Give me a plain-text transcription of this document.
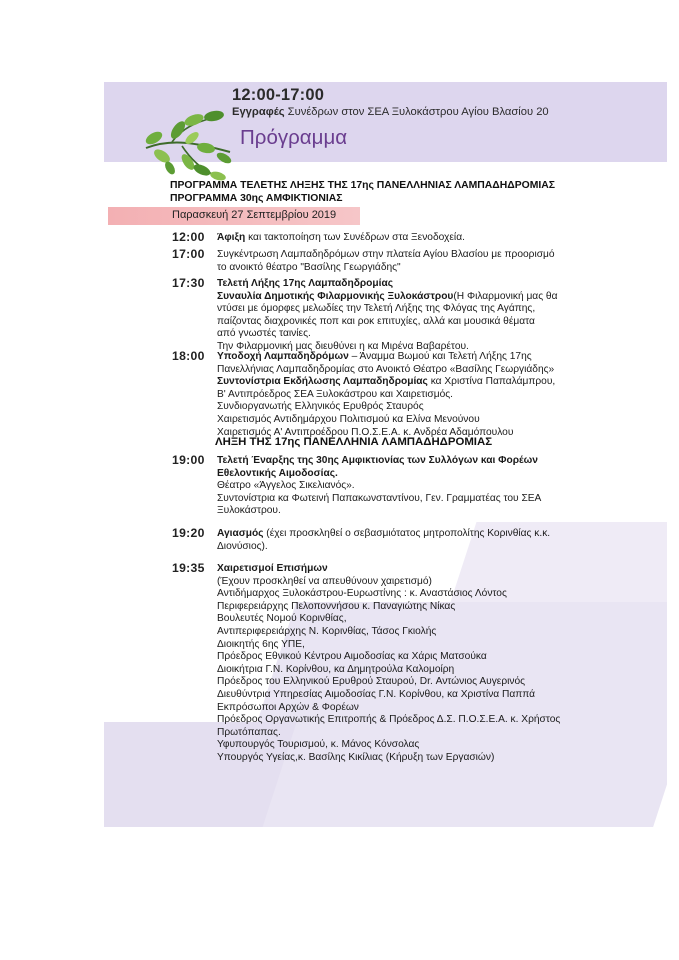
12:00-17:00
Εγγραφές Συνέδρων στον ΣΕΑ Ξυλοκάστρου Αγίου Βλασίου 20
Πρόγραμμα
ΠΡΟΓΡΑΜΜΑ ΤΕΛΕΤΗΣ ΛΗΞΗΣ ΤΗΣ 17ης ΠΑΝΕΛΛΗΝΙΑΣ ΛΑΜΠΑΔΗΔΡΟΜΙΑΣ
ΠΡΟΓΡΑΜΜΑ 30ης ΑΜΦΙΚΤΙΟΝΙΑΣ
Παρασκευή 27 Σεπτεμβρίου 2019
12:00 Άφιξη και τακτοποίηση των Συνέδρων στα Ξενοδοχεία.
17:00 Συγκέντρωση Λαμπαδηδρόμων στην πλατεία Αγίου Βλασίου με προορισμό
το ανοικτό θέατρο "Βασίλης Γεωργιάδης"
17:30 Τελετή Λήξης 17ης Λαμπαδηδρομίας
Συναυλία Δημοτικής Φιλαρμονικής Ξυλοκάστρου(Η Φιλαρμονική μας θα
ντύσει με όμορφες μελωδίες την Τελετή Λήξης της Φλόγας της Αγάπης,
παίζοντας διαχρονικές ποπ και ροκ επιτυχίες, αλλά και μουσικά θέματα
από γνωστές ταινίες.
Την Φιλαρμονική μας διευθύνει η κα Μιρένα Βαβαρέτου.
18:00 Υποδοχή Λαμπαδηδρόμων – Άναμμα Βωμού και Τελετή Λήξης 17ης
Πανελλήνιας Λαμπαδηδρομίας στο Ανοικτό Θέατρο «Βασίλης Γεωργιάδης»
Συντονίστρια Εκδήλωσης Λαμπαδηδρομίας κα Χριστίνα Παπαλάμπρου,
Β' Αντιπρόεδρος ΣΕΑ Ξυλοκάστρου και Χαιρετισμός.
Συνδιοργανωτής Ελληνικός Ερυθρός Σταυρός
Χαιρετισμός Αντιδημάρχου Πολιτισμού κα Ελίνα Μενούνου
Χαιρετισμός Α' Αντιπροέδρου Π.Ο.Σ.Ε.Α. κ. Ανδρέα Αδαμόπουλου
ΛΗΞΗ ΤΗΣ 17ης ΠΑΝΕΛΛΗΝΙΑ ΛΑΜΠΑΔΗΔΡΟΜΙΑΣ
19:00 Τελετή Έναρξης της 30ης Αμφικτιονίας των Συλλόγων και Φορέων
Εθελοντικής Αιμοδοσίας.
Θέατρο «Άγγελος Σικελιανός».
Συντονίστρια κα Φωτεινή Παπακωνσταντίνου, Γεν. Γραμματέας του ΣΕΑ
Ξυλοκάστρου.
19:20 Αγιασμός (έχει προσκληθεί ο σεβασμιότατος μητροπολίτης Κορινθίας κ.κ.
Διονύσιος).
19:35 Χαιρετισμοί Επισήμων
(Έχουν προσκληθεί να απευθύνουν χαιρετισμό)
Αντιδήμαρχος Ξυλοκάστρου-Ευρωστίνης : κ. Αναστάσιος Λόντος
Περιφερειάρχης Πελοποννήσου κ. Παναγιώτης Νίκας
Βουλευτές Νομού Κορινθίας,
Αντιπεριφερειάρχης Ν. Κορινθίας, Τάσος Γκιολής
Διοικητής 6ης ΥΠΕ,
Πρόεδρος Εθνικού Κέντρου Αιμοδοσίας κα Χάρις Ματσούκα
Διοικήτρια Γ.Ν. Κορίνθου, κα Δημητρούλα Καλομοίρη
Πρόεδρος του Ελληνικού Ερυθρού Σταυρού, Dr. Αντώνιος Αυγερινός
Διευθύντρια Υπηρεσίας Αιμοδοσίας Γ.Ν. Κορίνθου, κα Χριστίνα Παππά
Εκπρόσωποι Αρχών & Φορέων
Πρόεδρος Οργανωτικής Επιτροπής & Πρόεδρος Δ.Σ. Π.Ο.Σ.Ε.Α. κ. Χρήστος
Πρωτόπαπας.
Υφυπουργός Τουρισμού, κ. Μάνος Κόνσολας
Υπουργός Υγείας,κ. Βασίλης Κικίλιας (Κήρυξη των Εργασιών)
